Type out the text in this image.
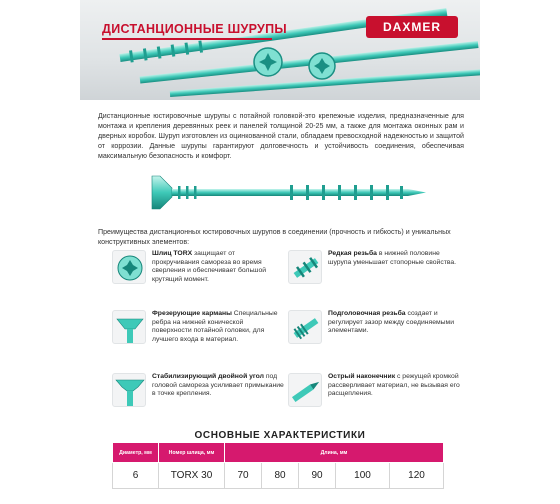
ДИСТАНЦИОННЫЕ ШУРУПЫ	DAXMER

Дистанционные юстировочные шурупы с потайной головкой-это крепежные изделия, предназначенные для монтажа и крепления деревянных реек и панелей толщиной 20-25 мм, а также для монтажа оконных рам и дверных коробок. Шуруп изготовлен из оцинкованной стали, обладаем превосходной надежностью и защитой от коррозии. Данные шурупы гарантируют долговечность и устойчивость соединения, обеспечивая максимальную безопасность и комфорт.

Преимущества дистанционных юстировочных шурупов в соединении (прочность и гибкость) и уникальных конструктивных элементов:

Шлиц TORX защищает от прокручивания самореза во время сверления и обеспечивает большой крутящий момент.
Редкая резьба в нижней половине шурупа уменьшает стопорные свойства.
Фрезерующие карманы Специальные ребра на нижней конической поверхности потайной головки, для лучшего входа в материал.
Подголовочная резьба создает и регулирует зазор между соединяемыми элементами.
Стабилизирующий двойной угол под головой самореза усиливает примыкание в точке крепления.
Острый наконечник с режущей кромкой рассверливает материал, не вызывая его расщепления.
ОСНОВНЫЕ ХАРАКТЕРИСТИКИ
Диаметр, мм	Номер шлица, мм	Длина, мм				
6	TORX 30	70	80	90	100	120
